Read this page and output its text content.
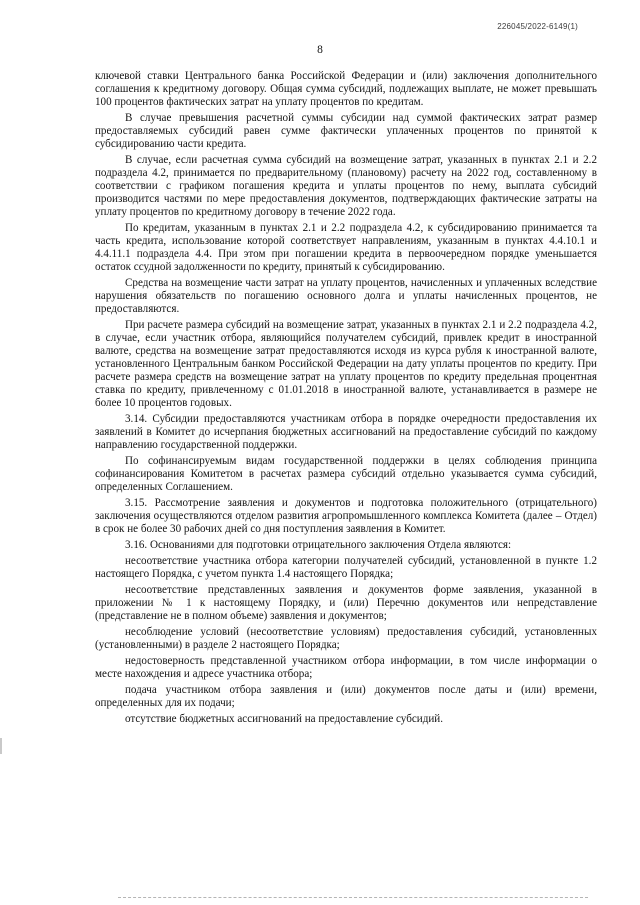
226045/2022-6149(1)
8

ключевой ставки Центрального банка Российской Федерации и (или) заключения дополнительного соглашения к кредитному договору. Общая сумма субсидий, подлежащих выплате, не может превышать 100 процентов фактических затрат на уплату процентов по кредитам.

В случае превышения расчетной суммы субсидии над суммой фактических затрат размер предоставляемых субсидий равен сумме фактически уплаченных процентов по принятой к субсидированию части кредита.

В случае, если расчетная сумма субсидий на возмещение затрат, указанных в пунктах 2.1 и 2.2 подраздела 4.2, принимается по предварительному (плановому) расчету на 2022 год, составленному в соответствии с графиком погашения кредита и уплаты процентов по нему, выплата субсидий производится частями по мере предоставления документов, подтверждающих фактические затраты на уплату процентов по кредитному договору в течение 2022 года.

По кредитам, указанным в пунктах 2.1 и 2.2 подраздела 4.2, к субсидированию принимается та часть кредита, использование которой соответствует направлениям, указанным в пунктах 4.4.10.1 и 4.4.11.1 подраздела 4.4. При этом при погашении кредита в первоочередном порядке уменьшается остаток ссудной задолженности по кредиту, принятый к субсидированию.

Средства на возмещение части затрат на уплату процентов, начисленных и уплаченных вследствие нарушения обязательств по погашению основного долга и уплаты начисленных процентов, не предоставляются.

При расчете размера субсидий на возмещение затрат, указанных в пунктах 2.1 и 2.2 подраздела 4.2, в случае, если участник отбора, являющийся получателем субсидий, привлек кредит в иностранной валюте, средства на возмещение затрат предоставляются исходя из курса рубля к иностранной валюте, установленного Центральным банком Российской Федерации на дату уплаты процентов по кредиту. При расчете размера средств на возмещение затрат на уплату процентов по кредиту предельная процентная ставка по кредиту, привлеченному с 01.01.2018 в иностранной валюте, устанавливается в размере не более 10 процентов годовых.

3.14. Субсидии предоставляются участникам отбора в порядке очередности предоставления их заявлений в Комитет до исчерпания бюджетных ассигнований на предоставление субсидий по каждому направлению государственной поддержки.

По софинансируемым видам государственной поддержки в целях соблюдения принципа софинансирования Комитетом в расчетах размера субсидий отдельно указывается сумма субсидий, определенных Соглашением.

3.15. Рассмотрение заявления и документов и подготовка положительного (отрицательного) заключения осуществляются отделом развития агропромышленного комплекса Комитета (далее – Отдел) в срок не более 30 рабочих дней со дня поступления заявления в Комитет.

3.16. Основаниями для подготовки отрицательного заключения Отдела являются:

несоответствие участника отбора категории получателей субсидий, установленной в пункте 1.2 настоящего Порядка, с учетом пункта 1.4 настоящего Порядка;

несоответствие представленных заявления и документов форме заявления, указанной в приложении № 1 к настоящему Порядку, и (или) Перечню документов или непредставление (представление не в полном объеме) заявления и документов;

несоблюдение условий (несоответствие условиям) предоставления субсидий, установленных (установленными) в разделе 2 настоящего Порядка;

недостоверность представленной участником отбора информации, в том числе информации о месте нахождения и адресе участника отбора;

подача участником отбора заявления и (или) документов после даты и (или) времени, определенных для их подачи;

отсутствие бюджетных ассигнований на предоставление субсидий.
